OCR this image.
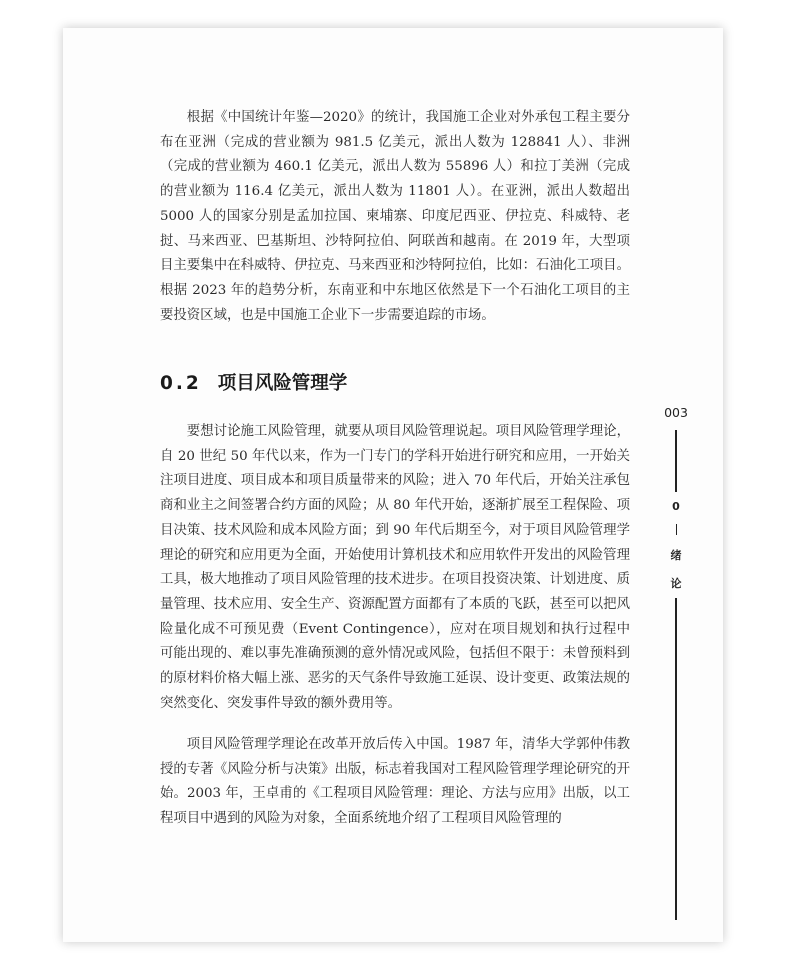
根据《中国统计年鉴—2020》的统计，我国施工企业对外承包工程主要分布在亚洲（完成的营业额为 981.5 亿美元，派出人数为 128841 人）、非洲（完成的营业额为 460.1 亿美元，派出人数为 55896 人）和拉丁美洲（完成的营业额为 116.4 亿美元，派出人数为 11801 人）。在亚洲，派出人数超出 5000 人的国家分别是孟加拉国、柬埔寨、印度尼西亚、伊拉克、科威特、老挝、马来西亚、巴基斯坦、沙特阿拉伯、阿联酋和越南。在 2019 年，大型项目主要集中在科威特、伊拉克、马来西亚和沙特阿拉伯，比如：石油化工项目。根据 2023 年的趋势分析，东南亚和中东地区依然是下一个石油化工项目的主要投资区域，也是中国施工企业下一步需要追踪的市场。

0.2 项目风险管理学

要想讨论施工风险管理，就要从项目风险管理说起。项目风险管理学理论，自 20 世纪 50 年代以来，作为一门专门的学科开始进行研究和应用，一开始关注项目进度、项目成本和项目质量带来的风险；进入 70 年代后，开始关注承包商和业主之间签署合约方面的风险；从 80 年代开始，逐渐扩展至工程保险、项目决策、技术风险和成本风险方面；到 90 年代后期至今，对于项目风险管理学理论的研究和应用更为全面，开始使用计算机技术和应用软件开发出的风险管理工具，极大地推动了项目风险管理的技术进步。在项目投资决策、计划进度、质量管理、技术应用、安全生产、资源配置方面都有了本质的飞跃，甚至可以把风险量化成不可预见费（Event Contingence），应对在项目规划和执行过程中可能出现的、难以事先准确预测的意外情况或风险，包括但不限于：未曾预料到的原材料价格大幅上涨、恶劣的天气条件导致施工延误、设计变更、政策法规的突然变化、突发事件导致的额外费用等。

项目风险管理学理论在改革开放后传入中国。1987 年，清华大学郭仲伟教授的专著《风险分析与决策》出版，标志着我国对工程风险管理学理论研究的开始。2003 年，王卓甫的《工程项目风险管理：理论、方法与应用》出版，以工程项目中遇到的风险为对象，全面系统地介绍了工程项目风险管理的

003
0
绪
论
